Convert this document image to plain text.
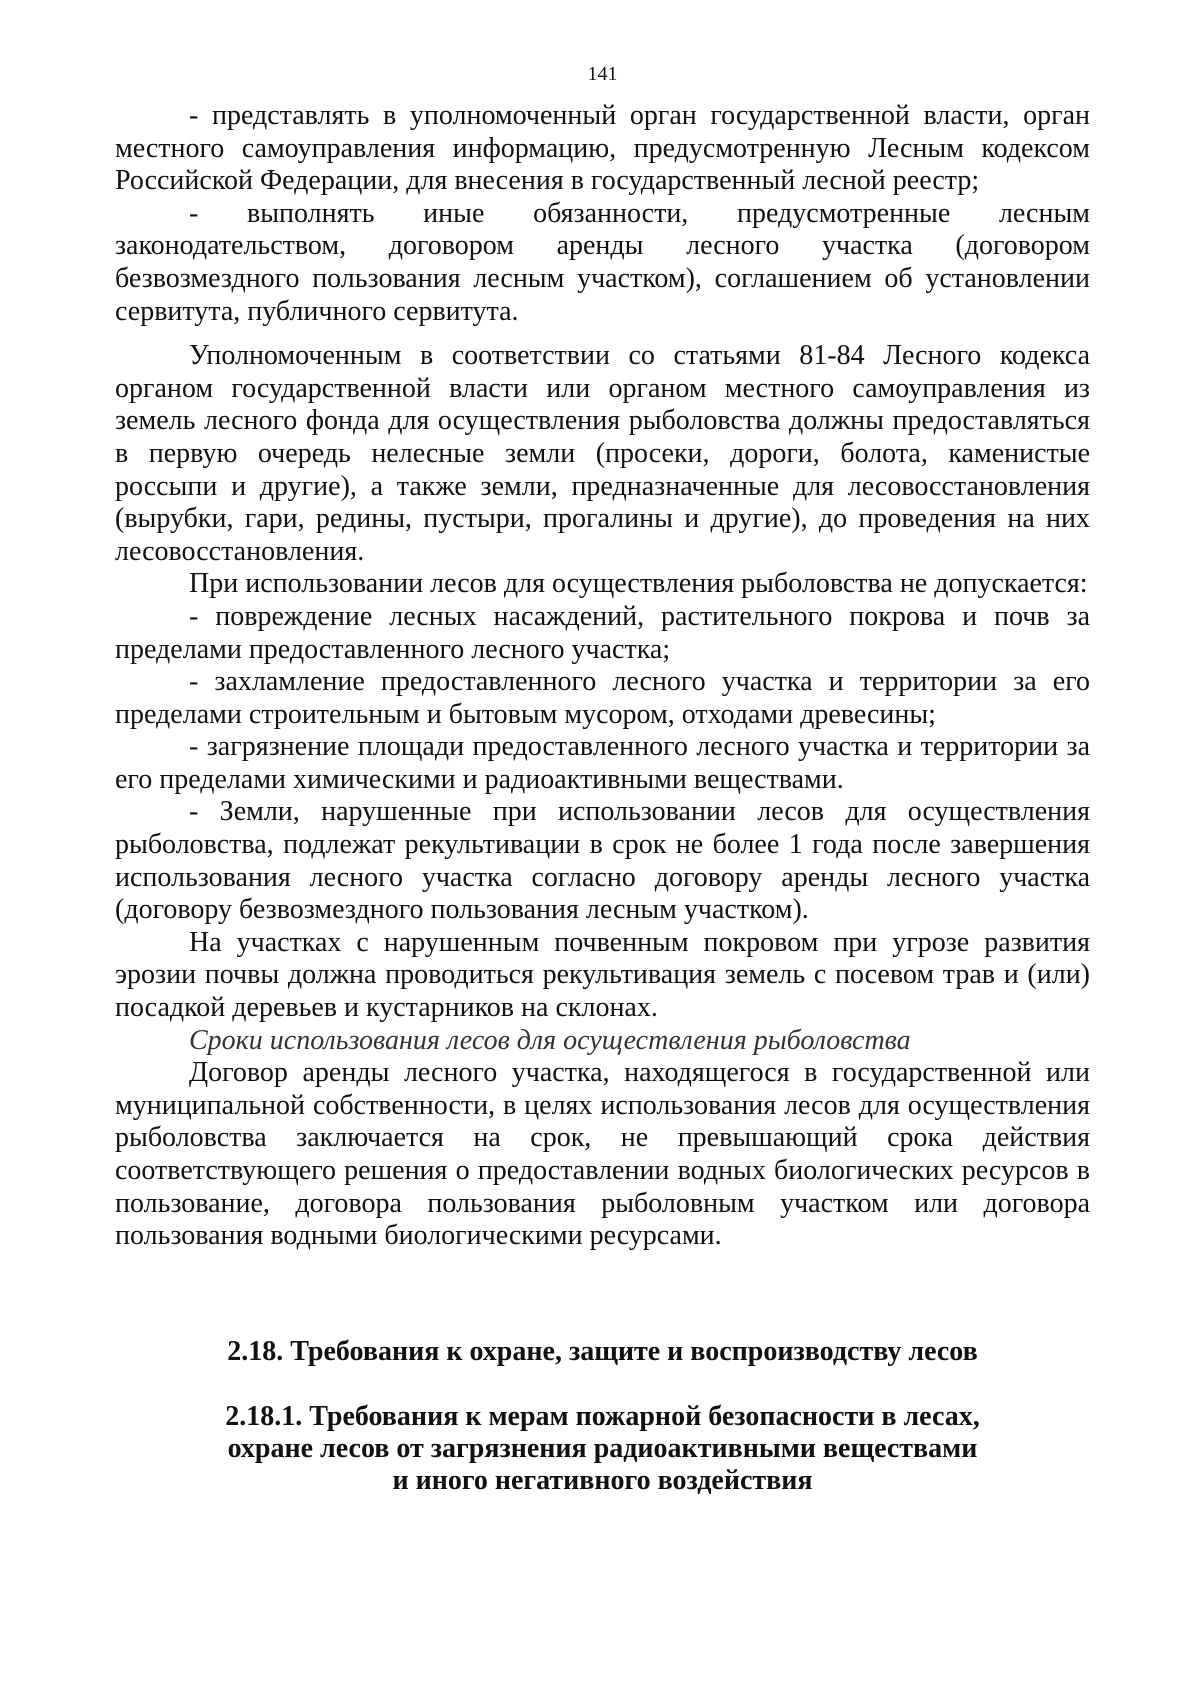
141

- представлять в уполномоченный орган государственной власти, орган местного самоуправления информацию, предусмотренную Лесным кодексом Российской Федерации, для внесения в государственный лесной реестр;

- выполнять иные обязанности, предусмотренные лесным законодательством, договором аренды лесного участка (договором безвозмездного пользования лесным участком), соглашением об установлении сервитута, публичного сервитута.

Уполномоченным в соответствии со статьями 81-84 Лесного кодекса органом государственной власти или органом местного самоуправления из земель лесного фонда для осуществления рыболовства должны предоставляться в первую очередь нелесные земли (просеки, дороги, болота, каменистые россыпи и другие), а также земли, предназначенные для лесовосстановления (вырубки, гари, редины, пустыри, прогалины и другие), до проведения на них лесовосстановления.

При использовании лесов для осуществления рыболовства не допускается:

- повреждение лесных насаждений, растительного покрова и почв за пределами предоставленного лесного участка;

- захламление предоставленного лесного участка и территории за его пределами строительным и бытовым мусором, отходами древесины;

- загрязнение площади предоставленного лесного участка и территории за его пределами химическими и радиоактивными веществами.

- Земли, нарушенные при использовании лесов для осуществления рыболовства, подлежат рекультивации в срок не более 1 года после завершения использования лесного участка согласно договору аренды лесного участка (договору безвозмездного пользования лесным участком).

На участках с нарушенным почвенным покровом при угрозе развития эрозии почвы должна проводиться рекультивация земель с посевом трав и (или) посадкой деревьев и кустарников на склонах.

Сроки использования лесов для осуществления рыболовства

Договор аренды лесного участка, находящегося в государственной или муниципальной собственности, в целях использования лесов для осуществления рыболовства заключается на срок, не превышающий срока действия соответствующего решения о предоставлении водных биологических ресурсов в пользование, договора пользования рыболовным участком или договора пользования водными биологическими ресурсами.

2.18. Требования к охране, защите и воспроизводству лесов
2.18.1. Требования к мерам пожарной безопасности в лесах,
охране лесов от загрязнения радиоактивными веществами
и иного негативного воздействия
